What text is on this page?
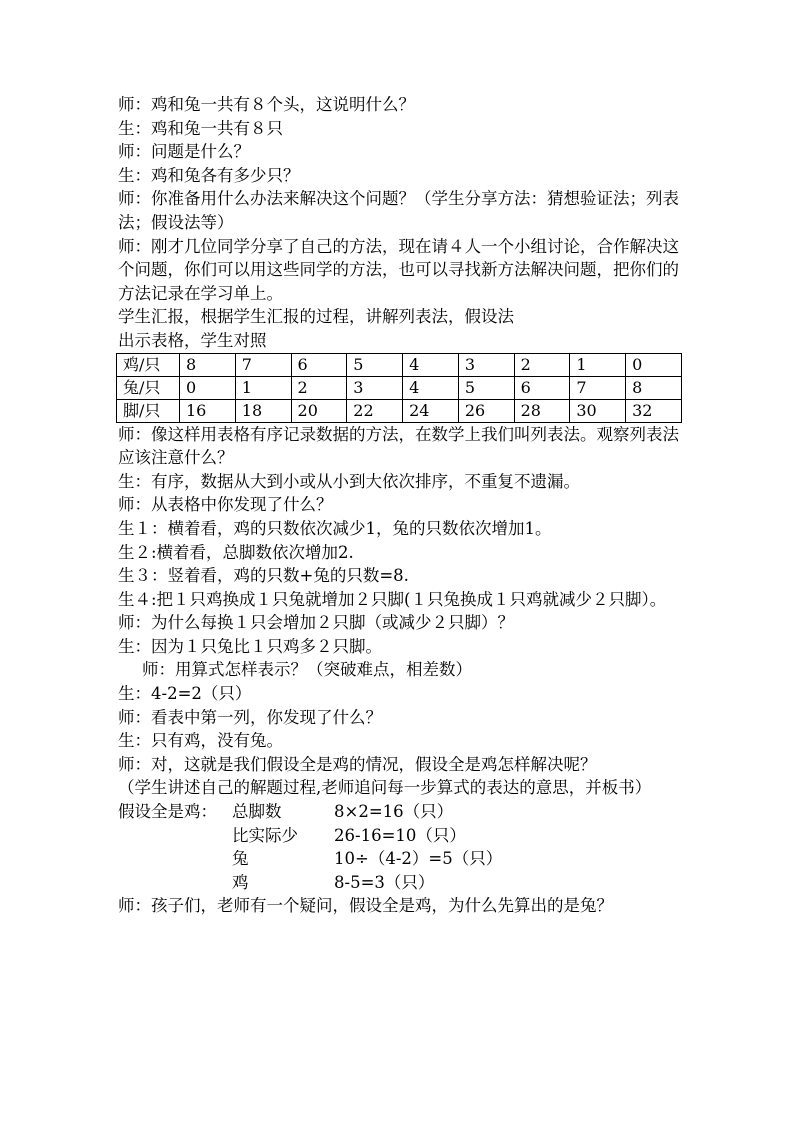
师：鸡和兔一共有８个头，这说明什么？
生：鸡和兔一共有８只
师：问题是什么？
生：鸡和兔各有多少只？
师：你准备用什么办法来解决这个问题？（学生分享方法：猜想验证法；列表法；假设法等）
师：刚才几位同学分享了自己的方法，现在请４人一个小组讨论，合作解决这个问题，你们可以用这些同学的方法，也可以寻找新方法解决问题，把你们的方法记录在学习单上。
学生汇报，根据学生汇报的过程，讲解列表法，假设法
出示表格，学生对照
鸡/只	8	7	6	5	4	3	2	1	0
兔/只	0	1	2	3	4	5	6	7	8
脚/只	16	18	20	22	24	26	28	30	32
师：像这样用表格有序记录数据的方法，在数学上我们叫列表法。观察列表法应该注意什么？
生：有序，数据从大到小或从小到大依次排序，不重复不遗漏。
师：从表格中你发现了什么？
生１：横着看，鸡的只数依次减少1，兔的只数依次增加1。
生２:横着看，总脚数依次增加2.
生３：竖着看，鸡的只数+兔的只数=8.
生４:把１只鸡换成１只兔就增加２只脚(１只兔换成１只鸡就减少２只脚）。
师：为什么每换１只会增加２只脚（或减少２只脚）？
生：因为１只兔比１只鸡多２只脚。
师：用算式怎样表示？（突破难点，相差数）
生：4-2=2（只）
师：看表中第一列，你发现了什么？
生：只有鸡，没有兔。
师：对，这就是我们假设全是鸡的情况，假设全是鸡怎样解决呢？
（学生讲述自己的解题过程,老师追问每一步算式的表达的意思，并板书）
假设全是鸡： 总脚数	8×2=16（只）
比实际少 26-16=10（只）
兔	10÷（4-2）=5（只）
鸡	8-5=3（只）
师：孩子们，老师有一个疑问，假设全是鸡，为什么先算出的是兔？
